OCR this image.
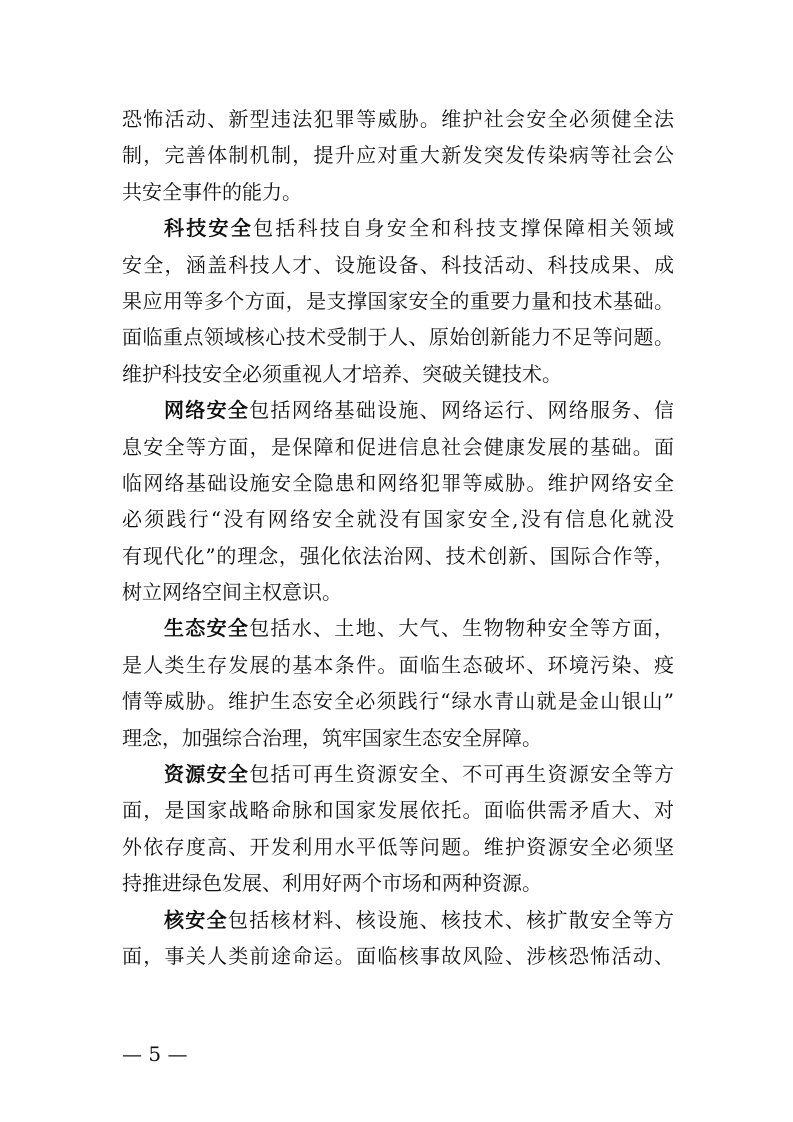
恐怖活动、新型违法犯罪等威胁。维护社会安全必须健全法
制，完善体制机制，提升应对重大新发突发传染病等社会公
共安全事件的能力。
科技安全包括科技自身安全和科技支撑保障相关领域
安全，涵盖科技人才、设施设备、科技活动、科技成果、成
果应用等多个方面，是支撑国家安全的重要力量和技术基础。
面临重点领域核心技术受制于人、原始创新能力不足等问题。
维护科技安全必须重视人才培养、突破关键技术。
网络安全包括网络基础设施、网络运行、网络服务、信
息安全等方面，是保障和促进信息社会健康发展的基础。面
临网络基础设施安全隐患和网络犯罪等威胁。维护网络安全
必须践行“没有网络安全就没有国家安全,没有信息化就没
有现代化”的理念，强化依法治网、技术创新、国际合作等，
树立网络空间主权意识。
生态安全包括水、土地、大气、生物物种安全等方面，
是人类生存发展的基本条件。面临生态破坏、环境污染、疫
情等威胁。维护生态安全必须践行“绿水青山就是金山银山”
理念，加强综合治理，筑牢国家生态安全屏障。
资源安全包括可再生资源安全、不可再生资源安全等方
面，是国家战略命脉和国家发展依托。面临供需矛盾大、对
外依存度高、开发利用水平低等问题。维护资源安全必须坚
持推进绿色发展、利用好两个市场和两种资源。
核安全包括核材料、核设施、核技术、核扩散安全等方
面，事关人类前途命运。面临核事故风险、涉核恐怖活动、
— 5 —
